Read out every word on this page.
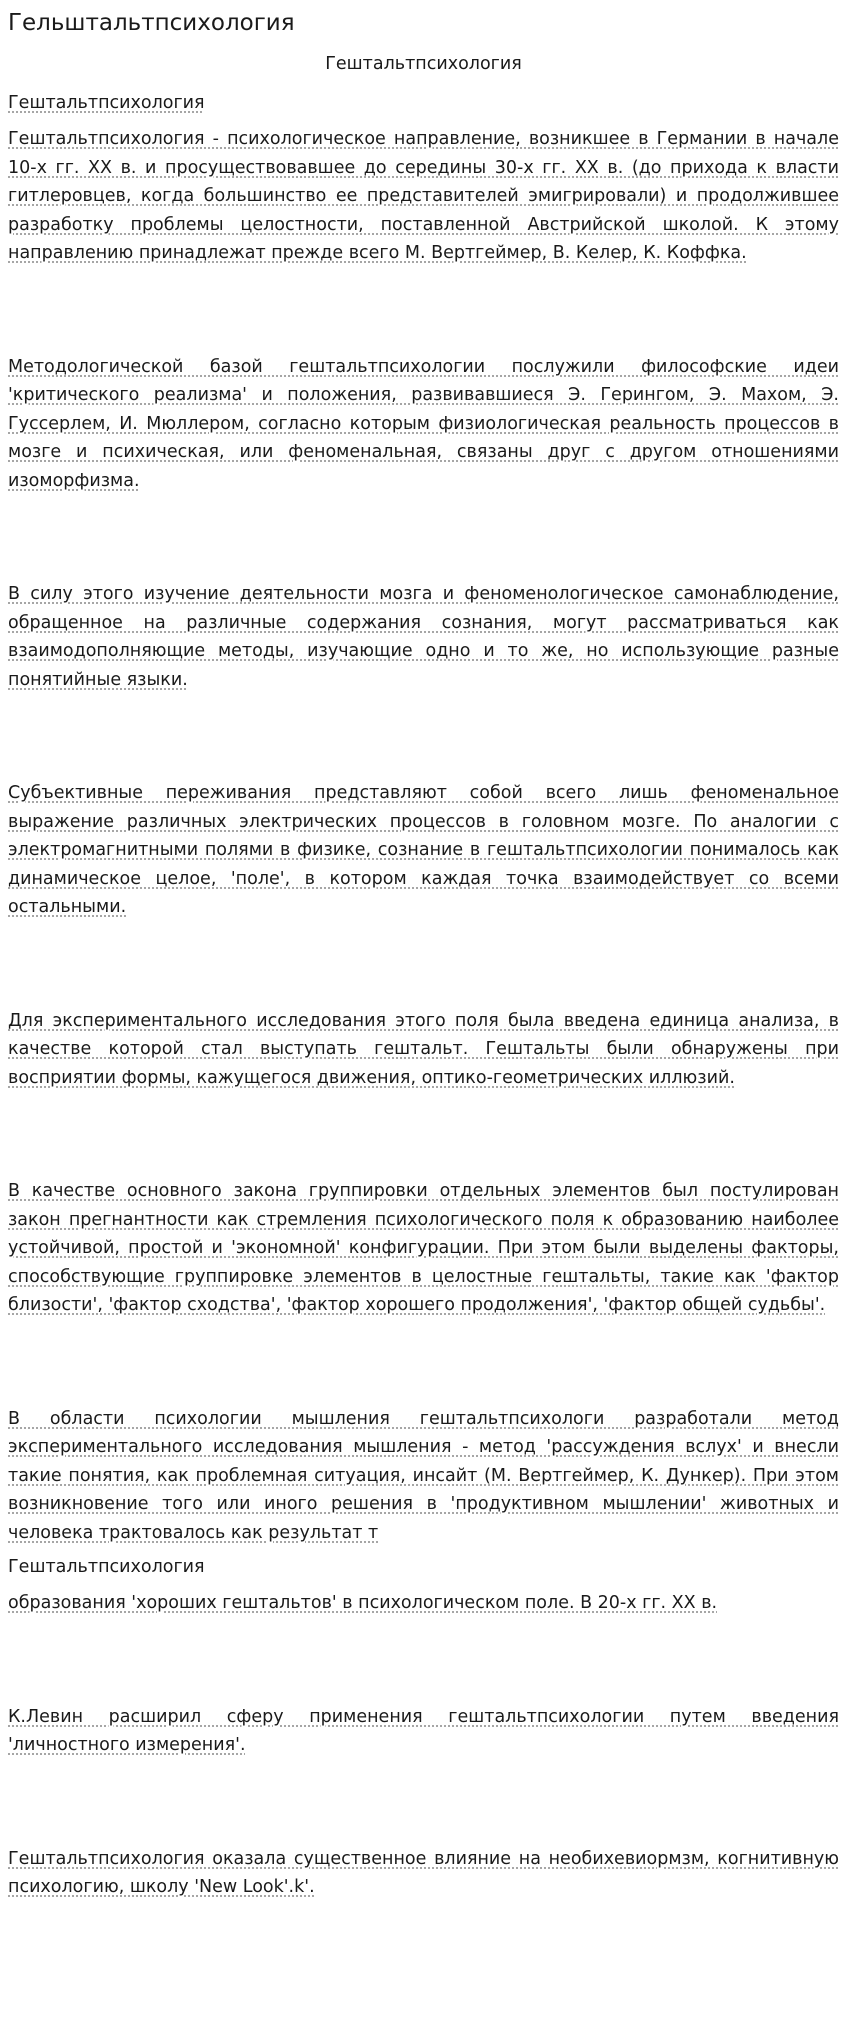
Гельштальтпсихология
Гештальтпсихология
Гештальтпсихология

Гештальтпсихология - психологическое направление, возникшее в Германии в начале 10-х гг. XX в. и просуществовавшее до середины 30-х гг. XX в. (до прихода к власти гитлеровцев, когда большинство ее представителей эмигрировали) и продолжившее разработку проблемы целостности, поставленной Австрийской школой. К этому направлению принадлежат прежде всего М. Вертгеймер, В. Келер, К. Коффка.

Методологической базой гештальтпсихологии послужили философские идеи 'критического реализма' и положения, развивавшиеся Э. Герингом, Э. Махом, Э. Гуссерлем, И. Мюллером, согласно которым физиологическая реальность процессов в мозге и психическая, или феноменальная, связаны друг с другом отношениями изоморфизма.

В силу этого изучение деятельности мозга и феноменологическое самонаблюдение, обращенное на различные содержания сознания, могут рассматриваться как взаимодополняющие методы, изучающие одно и то же, но использующие разные понятийные языки.

Субъективные переживания представляют собой всего лишь феноменальное выражение различных электрических процессов в головном мозге. По аналогии с электромагнитными полями в физике, сознание в гештальтпсихологии понималось как динамическое целое, 'поле', в котором каждая точка взаимодействует со всеми остальными.

Для экспериментального исследования этого поля была введена единица анализа, в качестве которой стал выступать гештальт. Гештальты были обнаружены при восприятии формы, кажущегося движения, оптико-геометрических иллюзий.

В качестве основного закона группировки отдельных элементов был постулирован закон прегнантности как стремления психологического поля к образованию наиболее устойчивой, простой и 'экономной' конфигурации. При этом были выделены факторы, способствующие группировке элементов в целостные гештальты, такие как 'фактор близости', 'фактор сходства', 'фактор хорошего продолжения', 'фактор общей судьбы'.

В области психологии мышления гештальтпсихологи разработали метод экспериментального исследования мышления - метод 'рассуждения вслух' и внесли такие понятия, как проблемная ситуация, инсайт (М. Вертгеймер, К. Дункер). При этом возникновение того или иного решения в 'продуктивном мышлении' животных и человека трактовалось как результат т

Гештальтпсихология

образования 'хороших гештальтов' в психологическом поле. В 20-х гг. XX в.

К.Левин расширил сферу применения гештальтпсихологии путем введения 'личностного измерения'.

Гештальтпсихология оказала существенное влияние на необихевиормзм, когнитивную психологию, школу 'New Look'.k'.
